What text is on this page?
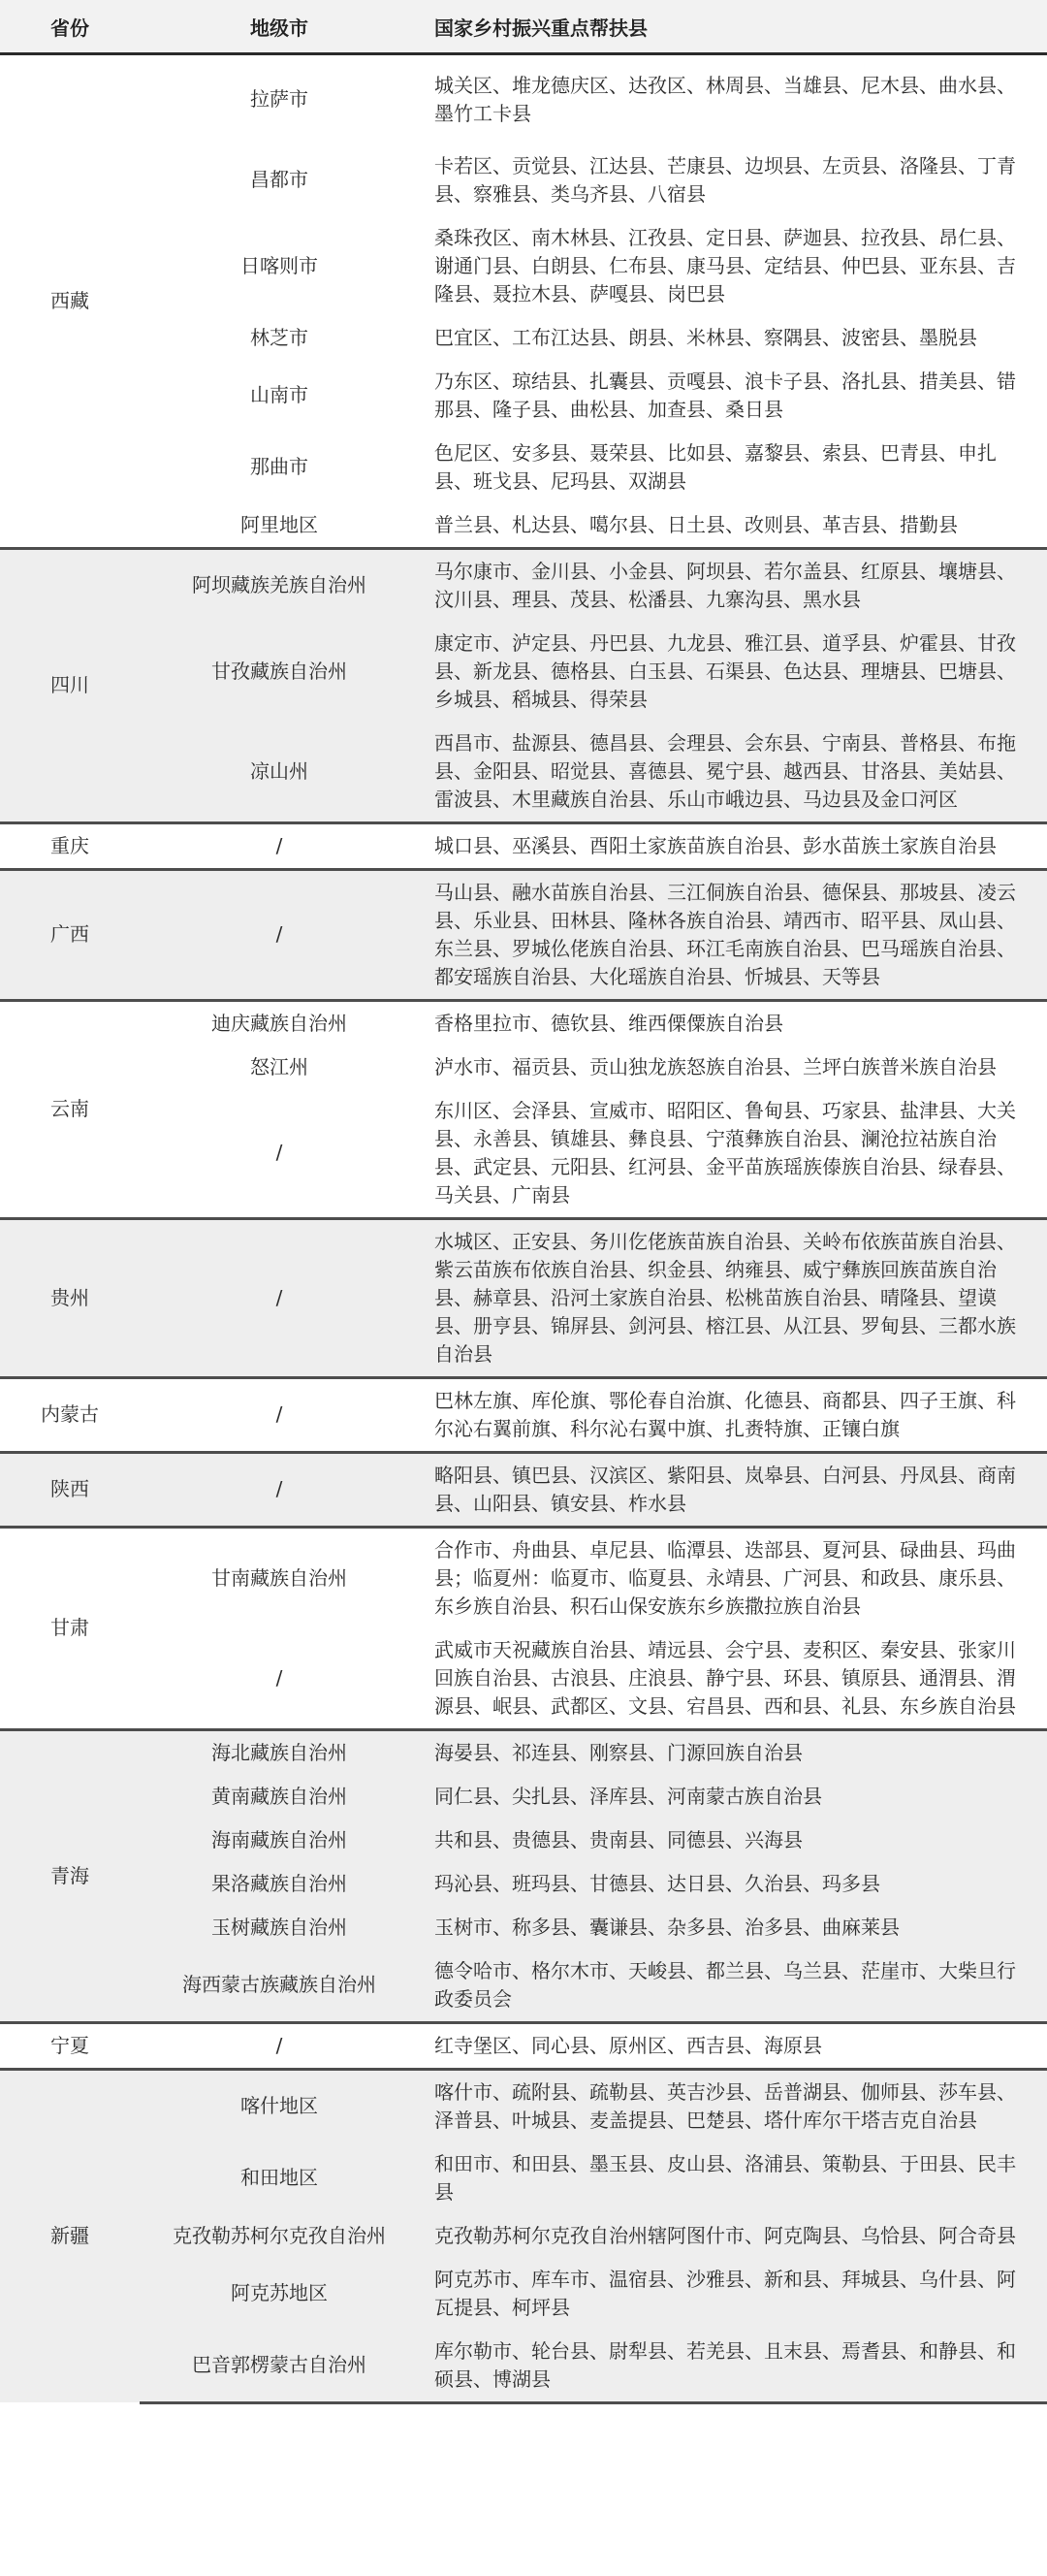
省份	地级市	国家乡村振兴重点帮扶县
西藏	拉萨市	城关区、堆龙德庆区、达孜区、林周县、当雄县、尼木县、曲水县、墨竹工卡县
	昌都市	卡若区、贡觉县、江达县、芒康县、边坝县、左贡县、洛隆县、丁青县、察雅县、类乌齐县、八宿县
	日喀则市	桑珠孜区、南木林县、江孜县、定日县、萨迦县、拉孜县、昂仁县、谢通门县、白朗县、仁布县、康马县、定结县、仲巴县、亚东县、吉隆县、聂拉木县、萨嘎县、岗巴县
	林芝市	巴宜区、工布江达县、朗县、米林县、察隅县、波密县、墨脱县
	山南市	乃东区、琼结县、扎囊县、贡嘎县、浪卡子县、洛扎县、措美县、错那县、隆子县、曲松县、加查县、桑日县
	那曲市	色尼区、安多县、聂荣县、比如县、嘉黎县、索县、巴青县、申扎县、班戈县、尼玛县、双湖县
	阿里地区	普兰县、札达县、噶尔县、日土县、改则县、革吉县、措勤县
四川	阿坝藏族羌族自治州	马尔康市、金川县、小金县、阿坝县、若尔盖县、红原县、壤塘县、汶川县、理县、茂县、松潘县、九寨沟县、黑水县
	甘孜藏族自治州	康定市、泸定县、丹巴县、九龙县、雅江县、道孚县、炉霍县、甘孜县、新龙县、德格县、白玉县、石渠县、色达县、理塘县、巴塘县、乡城县、稻城县、得荣县
	凉山州	西昌市、盐源县、德昌县、会理县、会东县、宁南县、普格县、布拖县、金阳县、昭觉县、喜德县、冕宁县、越西县、甘洛县、美姑县、雷波县、木里藏族自治县、乐山市峨边县、马边县及金口河区
重庆	/	城口县、巫溪县、酉阳土家族苗族自治县、彭水苗族土家族自治县
广西	/	马山县、融水苗族自治县、三江侗族自治县、德保县、那坡县、凌云县、乐业县、田林县、隆林各族自治县、靖西市、昭平县、凤山县、东兰县、罗城仫佬族自治县、环江毛南族自治县、巴马瑶族自治县、都安瑶族自治县、大化瑶族自治县、忻城县、天等县
云南	迪庆藏族自治州	香格里拉市、德钦县、维西傈僳族自治县
	怒江州	泸水市、福贡县、贡山独龙族怒族自治县、兰坪白族普米族自治县
	/	东川区、会泽县、宣威市、昭阳区、鲁甸县、巧家县、盐津县、大关县、永善县、镇雄县、彝良县、宁蒗彝族自治县、澜沧拉祜族自治县、武定县、元阳县、红河县、金平苗族瑶族傣族自治县、绿春县、马关县、广南县
贵州	/	水城区、正安县、务川仡佬族苗族自治县、关岭布依族苗族自治县、紫云苗族布依族自治县、织金县、纳雍县、威宁彝族回族苗族自治县、赫章县、沿河土家族自治县、松桃苗族自治县、晴隆县、望谟县、册亨县、锦屏县、剑河县、榕江县、从江县、罗甸县、三都水族自治县
内蒙古	/	巴林左旗、库伦旗、鄂伦春自治旗、化德县、商都县、四子王旗、科尔沁右翼前旗、科尔沁右翼中旗、扎赉特旗、正镶白旗
陕西	/	略阳县、镇巴县、汉滨区、紫阳县、岚皋县、白河县、丹凤县、商南县、山阳县、镇安县、柞水县
甘肃	甘南藏族自治州	合作市、舟曲县、卓尼县、临潭县、迭部县、夏河县、碌曲县、玛曲县；临夏州：临夏市、临夏县、永靖县、广河县、和政县、康乐县、东乡族自治县、积石山保安族东乡族撒拉族自治县
	/	武威市天祝藏族自治县、靖远县、会宁县、麦积区、秦安县、张家川回族自治县、古浪县、庄浪县、静宁县、环县、镇原县、通渭县、渭源县、岷县、武都区、文县、宕昌县、西和县、礼县、东乡族自治县
青海	海北藏族自治州	海晏县、祁连县、刚察县、门源回族自治县
	黄南藏族自治州	同仁县、尖扎县、泽库县、河南蒙古族自治县
	海南藏族自治州	共和县、贵德县、贵南县、同德县、兴海县
	果洛藏族自治州	玛沁县、班玛县、甘德县、达日县、久治县、玛多县
	玉树藏族自治州	玉树市、称多县、囊谦县、杂多县、治多县、曲麻莱县
	海西蒙古族藏族自治州	德令哈市、格尔木市、天峻县、都兰县、乌兰县、茫崖市、大柴旦行政委员会
宁夏	/	红寺堡区、同心县、原州区、西吉县、海原县
新疆	喀什地区	喀什市、疏附县、疏勒县、英吉沙县、岳普湖县、伽师县、莎车县、泽普县、叶城县、麦盖提县、巴楚县、塔什库尔干塔吉克自治县
	和田地区	和田市、和田县、墨玉县、皮山县、洛浦县、策勒县、于田县、民丰县
	克孜勒苏柯尔克孜自治州	克孜勒苏柯尔克孜自治州辖阿图什市、阿克陶县、乌恰县、阿合奇县
	阿克苏地区	阿克苏市、库车市、温宿县、沙雅县、新和县、拜城县、乌什县、阿瓦提县、柯坪县
	巴音郭楞蒙古自治州	库尔勒市、轮台县、尉犁县、若羌县、且末县、焉耆县、和静县、和硕县、博湖县
